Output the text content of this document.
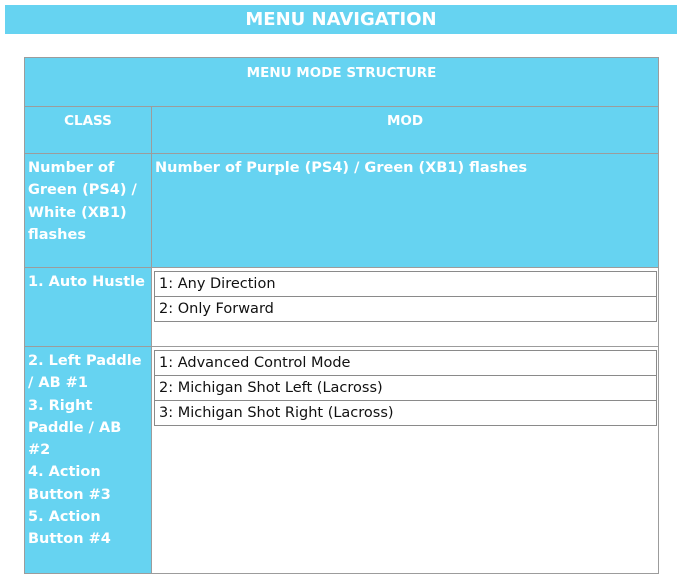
MENU NAVIGATION
MENU MODE STRUCTURE
CLASS	MOD
Number of Green (PS4) / White (XB1) flashes
Number of Purple (PS4) / Green (XB1) flashes
1. Auto Hustle 1: Any Direction
2: Only Forward
2. Left Paddle / AB #1
3. Right Paddle / AB #2
4. Action Button #3
5. Action Button #4
1: Advanced Control Mode
2: Michigan Shot Left (Lacross)
3: Michigan Shot Right (Lacross)
